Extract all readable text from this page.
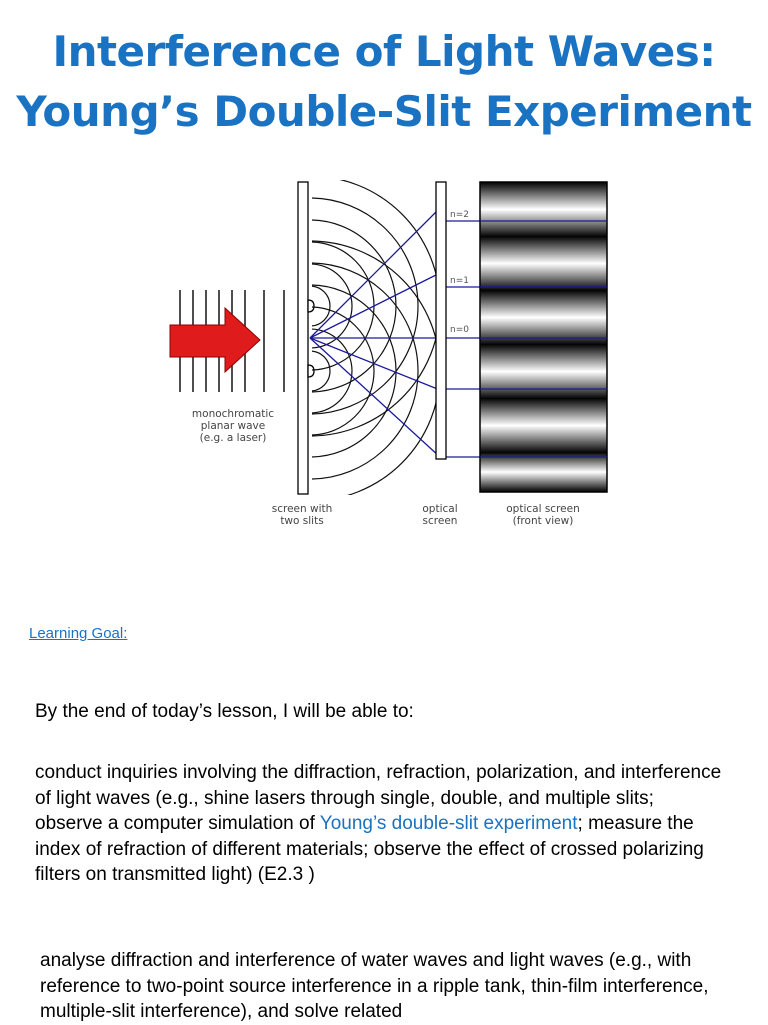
Interference of Light Waves:
Young’s Double-Slit Experiment
n=2
n=1
n=0
monochromatic
planar wave
(e.g. a laser)
screen with
two slits
optical
screen
optical screen
(front view)
Learning Goal:
By the end of today’s lesson, I will be able to:
conduct inquiries involving the diffraction, refraction, polarization, and interference of light waves (e.g., shine lasers through single, double, and multiple slits; observe a computer simulation of Young’s double-slit experiment; measure the index of refraction of different materials; observe the effect of crossed polarizing filters on transmitted light) (E2.3 )
analyse diffraction and interference of water waves and light waves (e.g., with reference to two-point source interference in a ripple tank, thin-film interference, multiple-slit interference), and solve related
